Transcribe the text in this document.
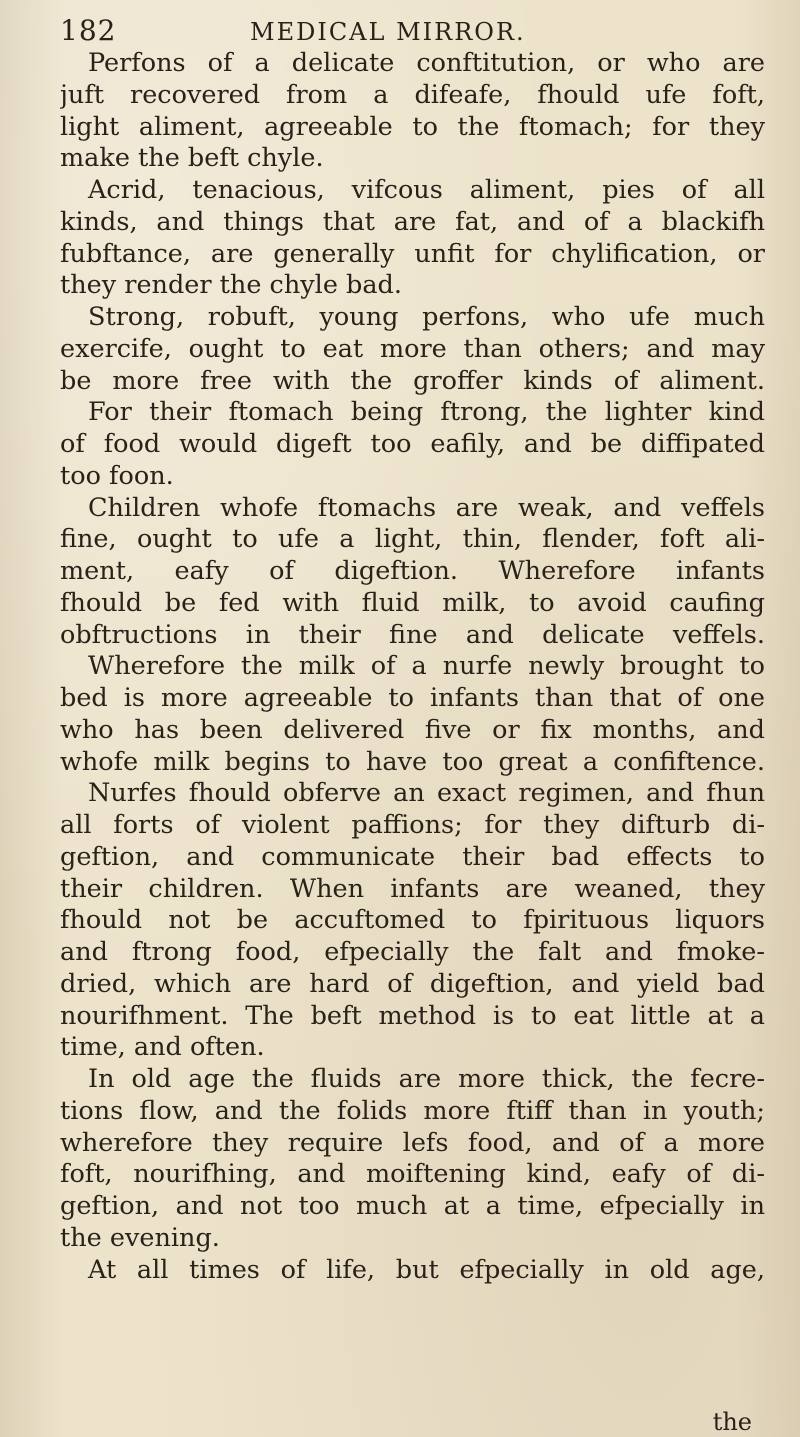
182	MEDICAL MIRROR.
Perfons of a delicate conftitution, or who are
juft recovered from a difeafe, fhould ufe foft,
light aliment, agreeable to the ftomach; for they
make the beft chyle.
Acrid, tenacious, vifcous aliment, pies of all
kinds, and things that are fat, and of a blackifh
fubftance, are generally unfit for chylification, or
they render the chyle bad.
Strong, robuft, young perfons, who ufe much
exercife, ought to eat more than others; and may
be more free with the groffer kinds of aliment.
For their ftomach being ftrong, the lighter kind
of food would digeft too eafily, and be diffipated
too foon.
Children whofe ftomachs are weak, and veffels
fine, ought to ufe a light, thin, flender, foft ali-
ment, eafy of digeftion. Wherefore infants
fhould be fed with fluid milk, to avoid caufing
obftructions in their fine and delicate veffels.
Wherefore the milk of a nurfe newly brought to
bed is more agreeable to infants than that of one
who has been delivered five or fix months, and
whofe milk begins to have too great a confiftence.
Nurfes fhould obferve an exact regimen, and fhun
all forts of violent paffions; for they difturb di-
geftion, and communicate their bad effects to
their children. When infants are weaned, they
fhould not be accuftomed to fpirituous liquors
and ftrong food, efpecially the falt and fmoke-
dried, which are hard of digeftion, and yield bad
nourifhment. The beft method is to eat little at a
time, and often.
In old age the fluids are more thick, the fecre-
tions flow, and the folids more ftiff than in youth;
wherefore they require lefs food, and of a more
foft, nourifhing, and moiftening kind, eafy of di-
geftion, and not too much at a time, efpecially in
the evening.
At all times of life, but efpecially in old age,
the
